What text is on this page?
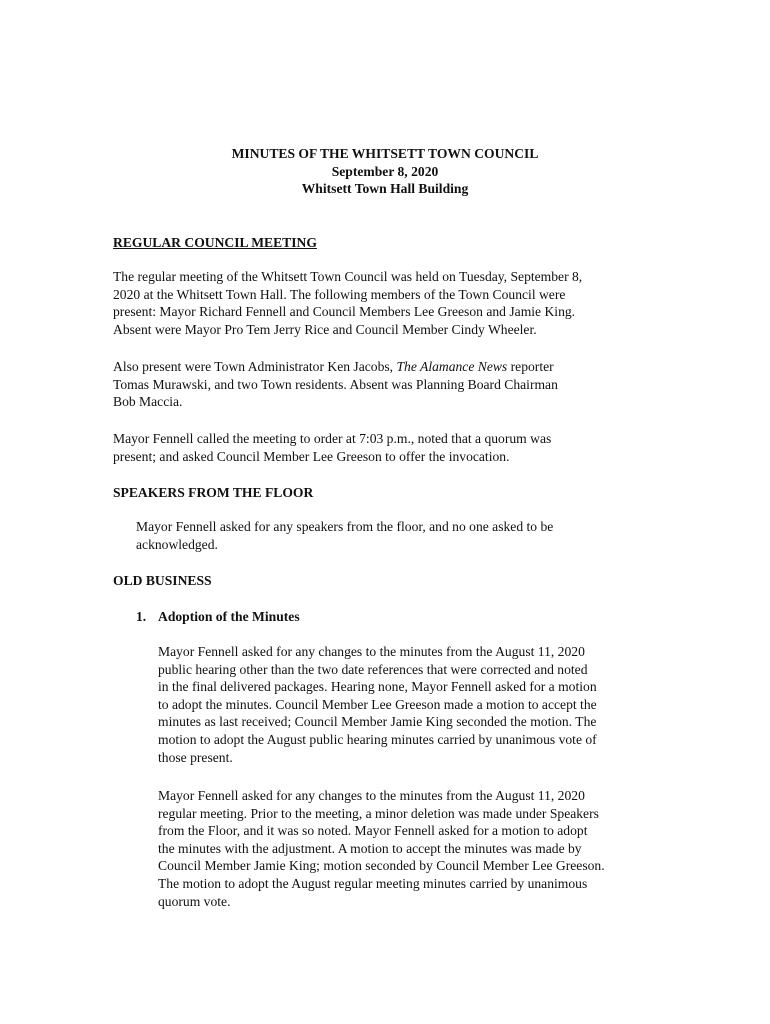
MINUTES OF THE WHITSETT TOWN COUNCIL
September 8, 2020
Whitsett Town Hall Building
REGULAR COUNCIL MEETING
The regular meeting of the Whitsett Town Council was held on Tuesday, September 8,
2020 at the Whitsett Town Hall. The following members of the Town Council were
present: Mayor Richard Fennell and Council Members Lee Greeson and Jamie King.
Absent were Mayor Pro Tem Jerry Rice and Council Member Cindy Wheeler.
Also present were Town Administrator Ken Jacobs, The Alamance News reporter
Tomas Murawski, and two Town residents. Absent was Planning Board Chairman
Bob Maccia.
Mayor Fennell called the meeting to order at 7:03 p.m., noted that a quorum was
present; and asked Council Member Lee Greeson to offer the invocation.
SPEAKERS FROM THE FLOOR
Mayor Fennell asked for any speakers from the floor, and no one asked to be
acknowledged.
OLD BUSINESS
1. Adoption of the Minutes
Mayor Fennell asked for any changes to the minutes from the August 11, 2020
public hearing other than the two date references that were corrected and noted
in the final delivered packages. Hearing none, Mayor Fennell asked for a motion
to adopt the minutes. Council Member Lee Greeson made a motion to accept the
minutes as last received; Council Member Jamie King seconded the motion. The
motion to adopt the August public hearing minutes carried by unanimous vote of
those present.
Mayor Fennell asked for any changes to the minutes from the August 11, 2020
regular meeting. Prior to the meeting, a minor deletion was made under Speakers
from the Floor, and it was so noted. Mayor Fennell asked for a motion to adopt
the minutes with the adjustment. A motion to accept the minutes was made by
Council Member Jamie King; motion seconded by Council Member Lee Greeson.
The motion to adopt the August regular meeting minutes carried by unanimous
quorum vote.
